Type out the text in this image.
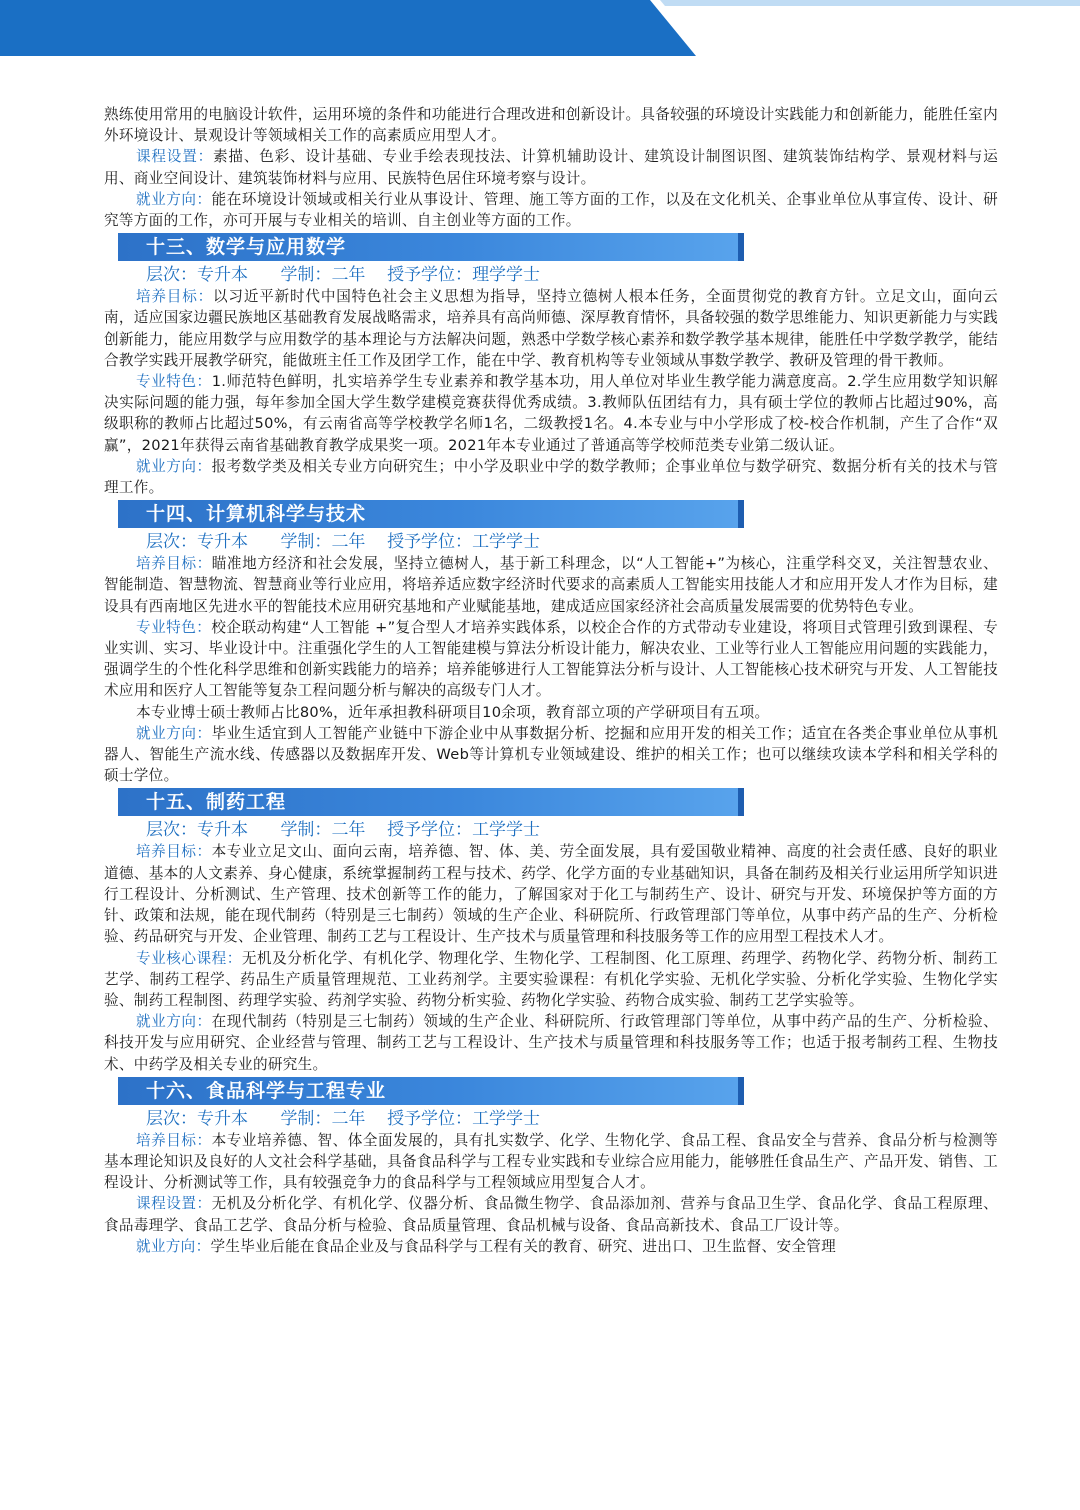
熟练使用常用的电脑设计软件，运用环境的条件和功能进行合理改进和创新设计。具备较强的环境设计实践能力和创新能力，能胜任室内外环境设计、景观设计等领域相关工作的高素质应用型人才。

课程设置：素描、色彩、设计基础、专业手绘表现技法、计算机辅助设计、建筑设计制图识图、建筑装饰结构学、景观材料与运用、商业空间设计、建筑装饰材料与应用、民族特色居住环境考察与设计。

就业方向：能在环境设计领域或相关行业从事设计、管理、施工等方面的工作，以及在文化机关、企事业单位从事宣传、设计、研究等方面的工作，亦可开展与专业相关的培训、自主创业等方面的工作。

十三、数学与应用数学

层次：专升本 学制：二年 授予学位：理学学士

培养目标：以习近平新时代中国特色社会主义思想为指导，坚持立德树人根本任务，全面贯彻党的教育方针。立足文山，面向云南，适应国家边疆民族地区基础教育发展战略需求，培养具有高尚师德、深厚教育情怀，具备较强的数学思维能力、知识更新能力与实践创新能力，能应用数学与应用数学的基本理论与方法解决问题，熟悉中学数学核心素养和数学教学基本规律，能胜任中学数学教学，能结合教学实践开展教学研究，能做班主任工作及团学工作，能在中学、教育机构等专业领域从事数学教学、教研及管理的骨干教师。

专业特色：1.师范特色鲜明，扎实培养学生专业素养和教学基本功，用人单位对毕业生教学能力满意度高。2.学生应用数学知识解决实际问题的能力强，每年参加全国大学生数学建模竞赛获得优秀成绩。3.教师队伍团结有力，具有硕士学位的教师占比超过90%，高级职称的教师占比超过50%，有云南省高等学校教学名师1名，二级教授1名。4.本专业与中小学形成了校-校合作机制，产生了合作“双赢”，2021年获得云南省基础教育教学成果奖一项。2021年本专业通过了普通高等学校师范类专业第二级认证。

就业方向：报考数学类及相关专业方向研究生；中小学及职业中学的数学教师；企事业单位与数学研究、数据分析有关的技术与管理工作。

十四、计算机科学与技术

层次：专升本 学制：二年 授予学位：工学学士

培养目标：瞄准地方经济和社会发展，坚持立德树人，基于新工科理念，以“人工智能+”为核心，注重学科交叉，关注智慧农业、智能制造、智慧物流、智慧商业等行业应用，将培养适应数字经济时代要求的高素质人工智能实用技能人才和应用开发人才作为目标，建设具有西南地区先进水平的智能技术应用研究基地和产业赋能基地，建成适应国家经济社会高质量发展需要的优势特色专业。

专业特色：校企联动构建“人工智能 +”复合型人才培养实践体系，以校企合作的方式带动专业建设，将项目式管理引致到课程、专业实训、实习、毕业设计中。注重强化学生的人工智能建模与算法分析设计能力，解决农业、工业等行业人工智能应用问题的实践能力，强调学生的个性化科学思维和创新实践能力的培养；培养能够进行人工智能算法分析与设计、人工智能核心技术研究与开发、人工智能技术应用和医疗人工智能等复杂工程问题分析与解决的高级专门人才。

本专业博士硕士教师占比80%，近年承担教科研项目10余项，教育部立项的产学研项目有五项。

就业方向：毕业生适宜到人工智能产业链中下游企业中从事数据分析、挖掘和应用开发的相关工作；适宜在各类企事业单位从事机器人、智能生产流水线、传感器以及数据库开发、Web等计算机专业领域建设、维护的相关工作；也可以继续攻读本学科和相关学科的硕士学位。

十五、制药工程

层次：专升本 学制：二年 授予学位：工学学士

培养目标：本专业立足文山、面向云南，培养德、智、体、美、劳全面发展，具有爱国敬业精神、高度的社会责任感、良好的职业道德、基本的人文素养、身心健康，系统掌握制药工程与技术、药学、化学方面的专业基础知识，具备在制药及相关行业运用所学知识进行工程设计、分析测试、生产管理、技术创新等工作的能力，了解国家对于化工与制药生产、设计、研究与开发、环境保护等方面的方针、政策和法规，能在现代制药（特别是三七制药）领域的生产企业、科研院所、行政管理部门等单位，从事中药产品的生产、分析检验、药品研究与开发、企业管理、制药工艺与工程设计、生产技术与质量管理和科技服务等工作的应用型工程技术人才。

专业核心课程：无机及分析化学、有机化学、物理化学、生物化学、工程制图、化工原理、药理学、药物化学、药物分析、制药工艺学、制药工程学、药品生产质量管理规范、工业药剂学。主要实验课程：有机化学实验、无机化学实验、分析化学实验、生物化学实验、制药工程制图、药理学实验、药剂学实验、药物分析实验、药物化学实验、药物合成实验、制药工艺学实验等。

就业方向：在现代制药（特别是三七制药）领域的生产企业、科研院所、行政管理部门等单位，从事中药产品的生产、分析检验、科技开发与应用研究、企业经营与管理、制药工艺与工程设计、生产技术与质量管理和科技服务等工作；也适于报考制药工程、生物技术、中药学及相关专业的研究生。

十六、食品科学与工程专业

层次：专升本 学制：二年 授予学位：工学学士

培养目标：本专业培养德、智、体全面发展的，具有扎实数学、化学、生物化学、食品工程、食品安全与营养、食品分析与检测等基本理论知识及良好的人文社会科学基础，具备食品科学与工程专业实践和专业综合应用能力，能够胜任食品生产、产品开发、销售、工程设计、分析测试等工作，具有较强竞争力的食品科学与工程领域应用型复合人才。

课程设置：无机及分析化学、有机化学、仪器分析、食品微生物学、食品添加剂、营养与食品卫生学、食品化学、食品工程原理、食品毒理学、食品工艺学、食品分析与检验、食品质量管理、食品机械与设备、食品高新技术、食品工厂设计等。

就业方向：学生毕业后能在食品企业及与食品科学与工程有关的教育、研究、进出口、卫生监督、安全管理
